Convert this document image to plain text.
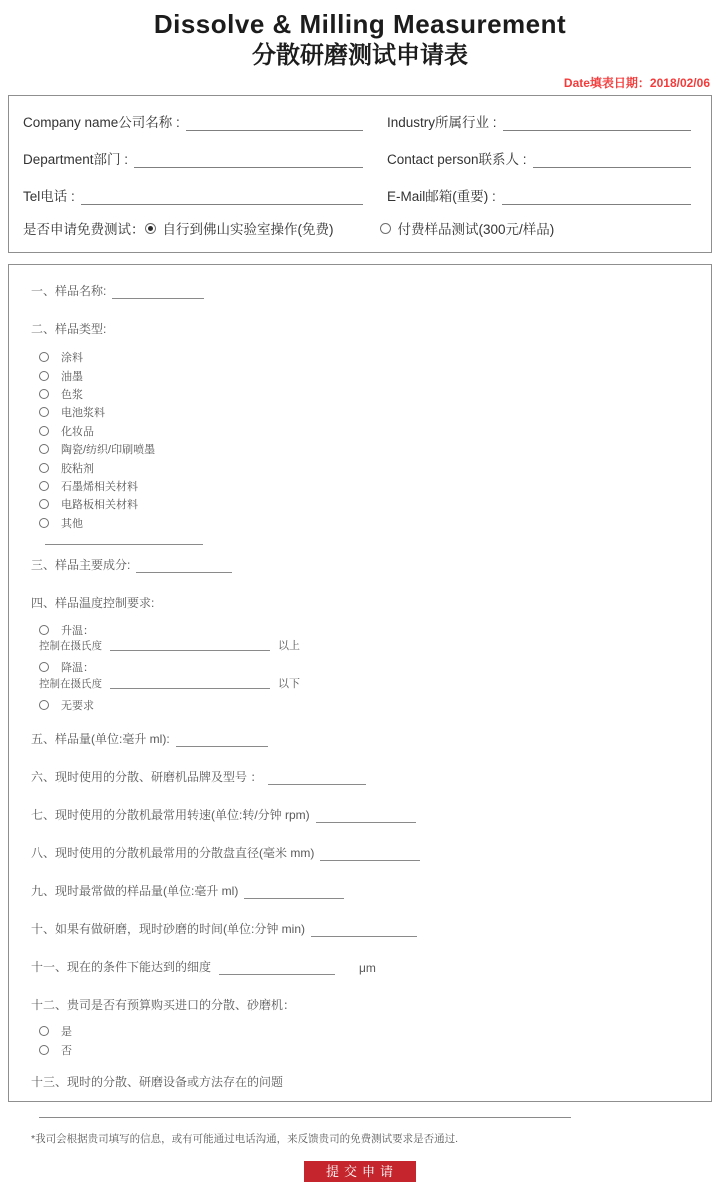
Dissolve & Milling Measurement
分散研磨测试申请表
Date填表日期：2018/02/06
Company name公司名称 :	Industry所属行业 :
Department部门 :	Contact person联系人 :
Tel电话 :	E-Mail邮箱(重要) :
是否申请免费测试： 自行到佛山实验室操作(免费)	付费样品测试(300元/样品)
一、样品名称:
二、样品类型:
涂料
油墨
色浆
电池浆料
化妆品
陶瓷/纺织/印刷喷墨
胶粘剂
石墨烯相关材料
电路板相关材料
其他
三、样品主要成分:
四、样品温度控制要求:
升温：
控制在摄氏度	以上
降温：
控制在摄氏度	以下
无要求
五、样品量(单位:毫升 ml):
六、现时使用的分散、研磨机品牌及型号 ：
七、现时使用的分散机最常用转速(单位:转/分钟 rpm)
八、现时使用的分散机最常用的分散盘直径(毫米 mm)
九、现时最常做的样品量(单位:毫升 ml)
十、如果有做研磨，现时砂磨的时间(单位:分钟 min)
十一、现在的条件下能达到的细度	μm
十二、贵司是否有预算购买进口的分散、砂磨机：
是
否
十三、现时的分散、研磨设备或方法存在的问题
*我司会根据贵司填写的信息，或有可能通过电话沟通，来反馈贵司的免费测试要求是否通过.
提交申请
